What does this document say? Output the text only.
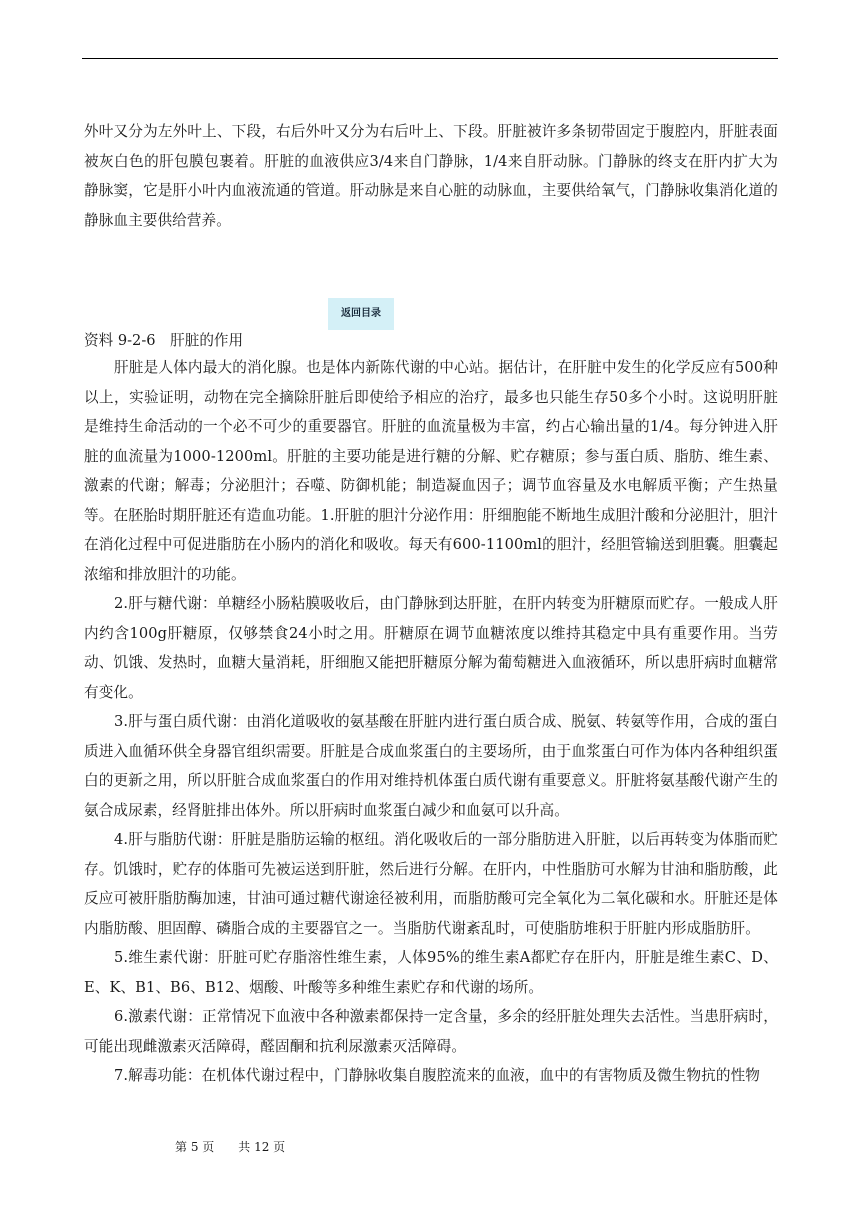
外叶又分为左外叶上、下段，右后外叶又分为右后叶上、下段。肝脏被许多条韧带固定于腹腔内，肝脏表面被灰白色的肝包膜包裹着。肝脏的血液供应3/4来自门静脉，1/4来自肝动脉。门静脉的终支在肝内扩大为静脉窦，它是肝小叶内血液流通的管道。肝动脉是来自心脏的动脉血，主要供给氧气，门静脉收集消化道的静脉血主要供给营养。

返回目录

资料 9-2-6　肝脏的作用

肝脏是人体内最大的消化腺。也是体内新陈代谢的中心站。据估计，在肝脏中发生的化学反应有500种以上，实验证明，动物在完全摘除肝脏后即使给予相应的治疗，最多也只能生存50多个小时。这说明肝脏是维持生命活动的一个必不可少的重要器官。肝脏的血流量极为丰富，约占心输出量的1/4。每分钟进入肝脏的血流量为1000-1200ml。肝脏的主要功能是进行糖的分解、贮存糖原；参与蛋白质、脂肪、维生素、激素的代谢；解毒；分泌胆汁；吞噬、防御机能；制造凝血因子；调节血容量及水电解质平衡；产生热量等。在胚胎时期肝脏还有造血功能。1.肝脏的胆汁分泌作用：肝细胞能不断地生成胆汁酸和分泌胆汁，胆汁在消化过程中可促进脂肪在小肠内的消化和吸收。每天有600-1100ml的胆汁，经胆管输送到胆囊。胆囊起浓缩和排放胆汁的功能。

2.肝与糖代谢：单糖经小肠粘膜吸收后，由门静脉到达肝脏，在肝内转变为肝糖原而贮存。一般成人肝内约含100g肝糖原，仅够禁食24小时之用。肝糖原在调节血糖浓度以维持其稳定中具有重要作用。当劳动、饥饿、发热时，血糖大量消耗，肝细胞又能把肝糖原分解为葡萄糖进入血液循环，所以患肝病时血糖常有变化。

3.肝与蛋白质代谢：由消化道吸收的氨基酸在肝脏内进行蛋白质合成、脱氨、转氨等作用，合成的蛋白质进入血循环供全身器官组织需要。肝脏是合成血浆蛋白的主要场所，由于血浆蛋白可作为体内各种组织蛋白的更新之用，所以肝脏合成血浆蛋白的作用对维持机体蛋白质代谢有重要意义。肝脏将氨基酸代谢产生的氨合成尿素，经肾脏排出体外。所以肝病时血浆蛋白减少和血氨可以升高。

4.肝与脂肪代谢：肝脏是脂肪运输的枢纽。消化吸收后的一部分脂肪进入肝脏，以后再转变为体脂而贮存。饥饿时，贮存的体脂可先被运送到肝脏，然后进行分解。在肝内，中性脂肪可水解为甘油和脂肪酸，此反应可被肝脂肪酶加速，甘油可通过糖代谢途径被利用，而脂肪酸可完全氧化为二氧化碳和水。肝脏还是体内脂肪酸、胆固醇、磷脂合成的主要器官之一。当脂肪代谢紊乱时，可使脂肪堆积于肝脏内形成脂肪肝。

5.维生素代谢：肝脏可贮存脂溶性维生素，人体95%的维生素A都贮存在肝内，肝脏是维生素C、D、E、K、B1、B6、B12、烟酸、叶酸等多种维生素贮存和代谢的场所。

6.激素代谢：正常情况下血液中各种激素都保持一定含量，多余的经肝脏处理失去活性。当患肝病时，可能出现雌激素灭活障碍，醛固酮和抗利尿激素灭活障碍。

7.解毒功能：在机体代谢过程中，门静脉收集自腹腔流来的血液，血中的有害物质及微生物抗的性物

第 5 页　　共 12 页
